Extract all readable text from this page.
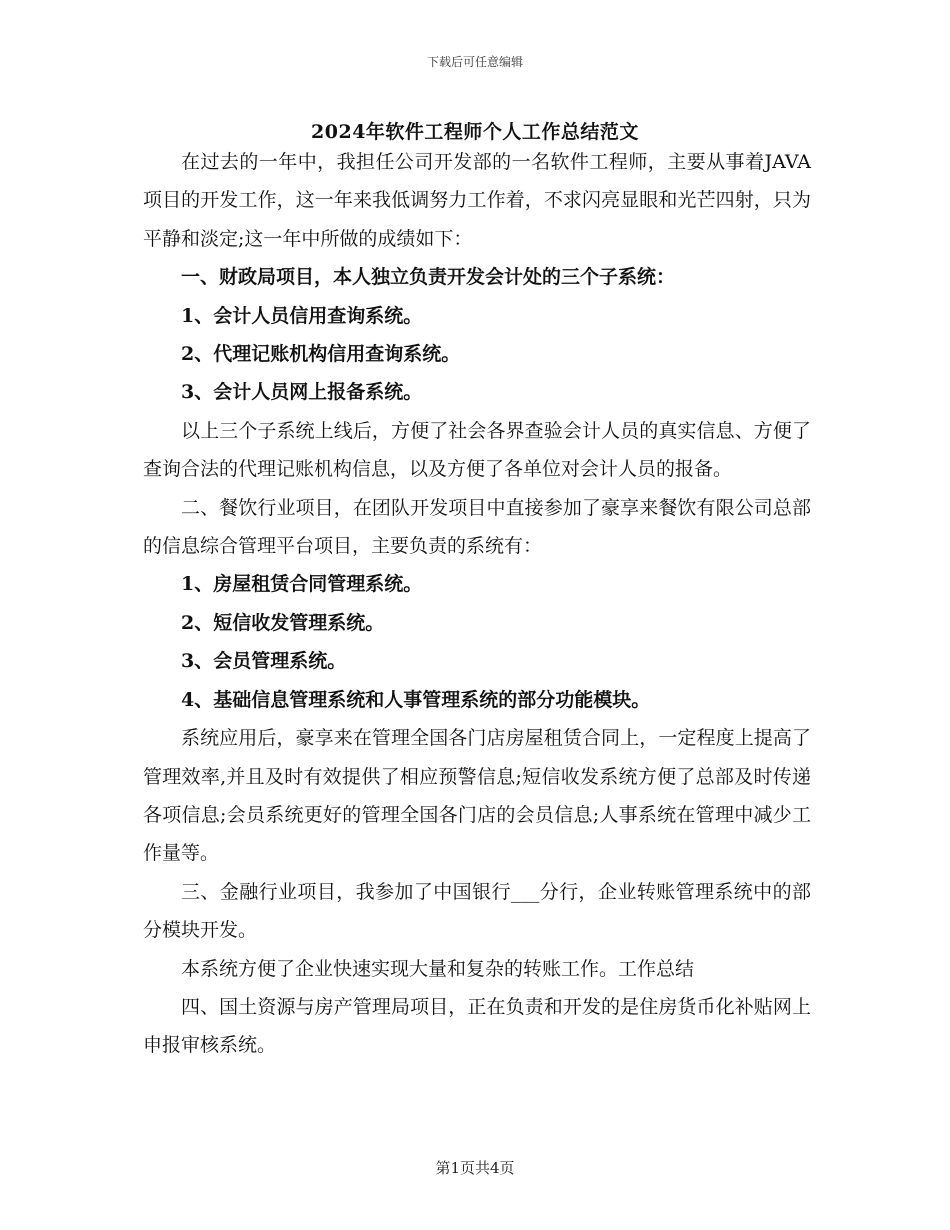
下载后可任意编辑
2024年软件工程师个人工作总结范文

在过去的一年中，我担任公司开发部的一名软件工程师，主要从事着JAVA项目的开发工作，这一年来我低调努力工作着，不求闪亮显眼和光芒四射，只为平静和淡定;这一年中所做的成绩如下：

一、财政局项目，本人独立负责开发会计处的三个子系统：

1、会计人员信用查询系统。

2、代理记账机构信用查询系统。

3、会计人员网上报备系统。

以上三个子系统上线后，方便了社会各界查验会计人员的真实信息、方便了查询合法的代理记账机构信息，以及方便了各单位对会计人员的报备。

二、餐饮行业项目，在团队开发项目中直接参加了豪享来餐饮有限公司总部的信息综合管理平台项目，主要负责的系统有：

1、房屋租赁合同管理系统。

2、短信收发管理系统。

3、会员管理系统。

4、基础信息管理系统和人事管理系统的部分功能模块。

系统应用后，豪享来在管理全国各门店房屋租赁合同上，一定程度上提高了管理效率,并且及时有效提供了相应预警信息;短信收发系统方便了总部及时传递各项信息;会员系统更好的管理全国各门店的会员信息;人事系统在管理中减少工作量等。

三、金融行业项目，我参加了中国银行___分行，企业转账管理系统中的部分模块开发。

本系统方便了企业快速实现大量和复杂的转账工作。工作总结

四、国土资源与房产管理局项目，正在负责和开发的是住房货币化补贴网上申报审核系统。

第1页共4页
